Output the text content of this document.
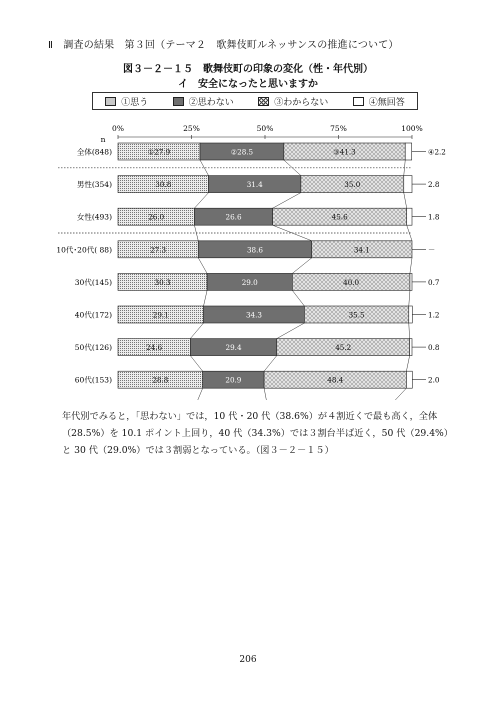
Ⅱ　調査の結果　第３回（テーマ２　歌舞伎町ルネッサンスの推進について）
図３－２－１５　歌舞伎町の印象の変化（性・年代別）
イ　安全になったと思いますか
①思う	②思わない	③わからない	④無回答
0%	25%	50%	75%	100%
n
全体(848)	①27.9	②28.5	③41.3	④2.2
男性(354)	30.8	31.4	35.0	2.8
女性(493)	26.0	26.6	45.6	1.8
10代･20代( 88)	27.3	38.6	34.1	－
30代(145)	30.3	29.0	40.0	0.7
40代(172)	29.1	34.3	35.5	1.2
50代(126)	24.6	29.4	45.2	0.8
60代(153)	28.8	20.9	48.4	2.0
年代別でみると，「思わない」では，10 代・20 代（38.6%）が４割近くで最も高く，全体（28.5%）を 10.1 ポイント上回り，40 代（34.3%）では３割台半ば近く，50 代（29.4%）と 30 代（29.0%）では３割弱となっている。（図３－２－１５）
206
